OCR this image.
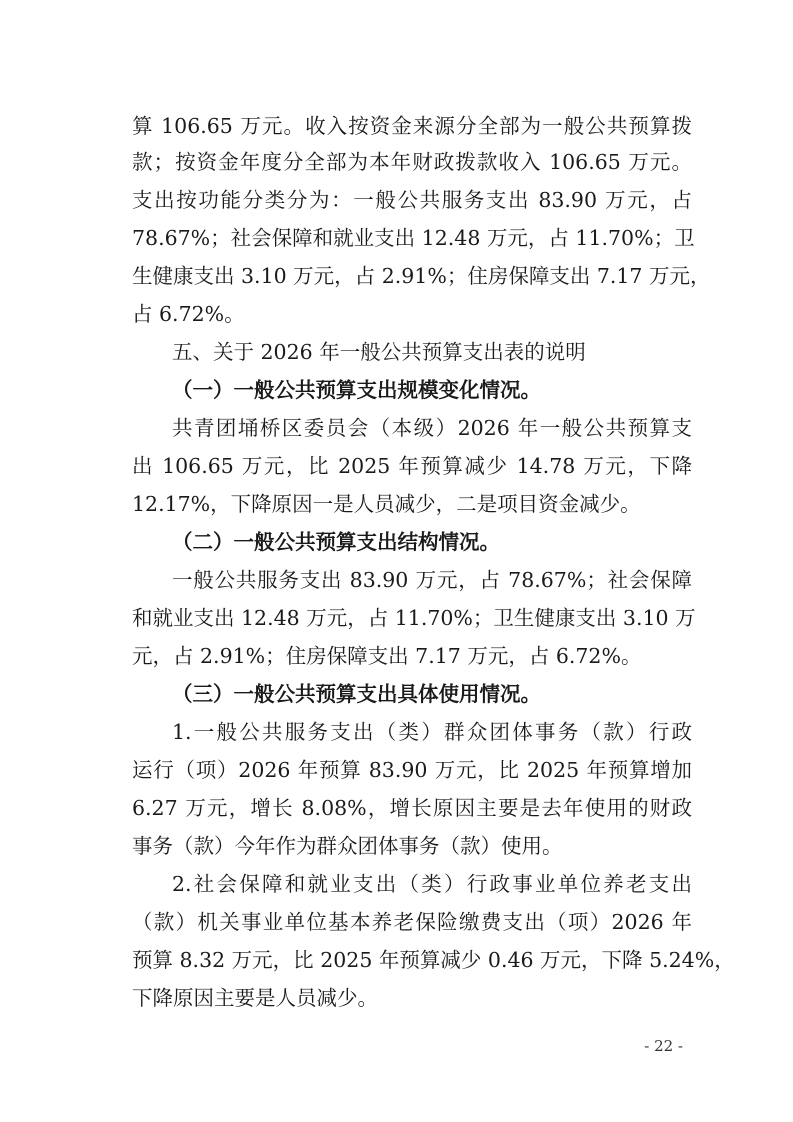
算 106.65 万元。收入按资金来源分全部为一般公共预算拨
款；按资金年度分全部为本年财政拨款收入 106.65 万元。
支出按功能分类分为：一般公共服务支出 83.90 万元，占
78.67%；社会保障和就业支出 12.48 万元，占 11.70%；卫
生健康支出 3.10 万元，占 2.91%；住房保障支出 7.17 万元，
占 6.72%。
五、关于 2026 年一般公共预算支出表的说明
（一）一般公共预算支出规模变化情况。
共青团埇桥区委员会（本级）2026 年一般公共预算支
出 106.65 万元，比 2025 年预算减少 14.78 万元，下降
12.17%，下降原因一是人员减少，二是项目资金减少。
（二）一般公共预算支出结构情况。
一般公共服务支出 83.90 万元，占 78.67%；社会保障
和就业支出 12.48 万元，占 11.70%；卫生健康支出 3.10 万
元，占 2.91%；住房保障支出 7.17 万元，占 6.72%。
（三）一般公共预算支出具体使用情况。
1.一般公共服务支出（类）群众团体事务（款）行政
运行（项）2026 年预算 83.90 万元，比 2025 年预算增加
6.27 万元，增长 8.08%，增长原因主要是去年使用的财政
事务（款）今年作为群众团体事务（款）使用。
2.社会保障和就业支出（类）行政事业单位养老支出
（款）机关事业单位基本养老保险缴费支出（项）2026 年
预算 8.32 万元，比 2025 年预算减少 0.46 万元，下降 5.24%，
下降原因主要是人员减少。
- 22 -
